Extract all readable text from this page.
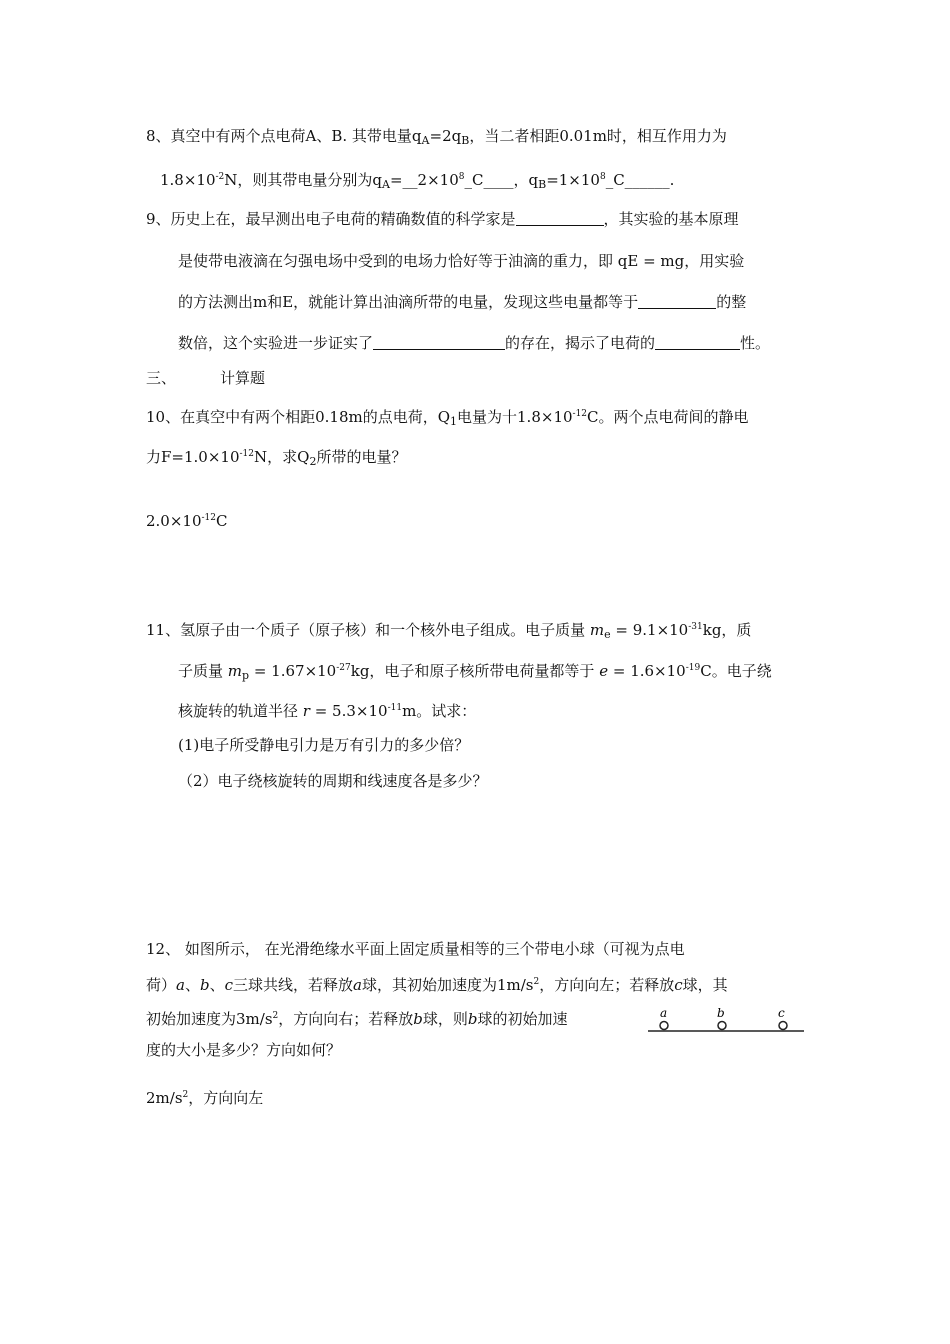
8、真空中有两个点电荷A、B. 其带电量$q_A=2q_B$，当二者相距0.01m时，相互作用力为
$1.8\times 10^{-2}N$，则其带电量分别为$q_A=\_\_2\times 10^8\_C\_\_\_\_$，$q_B=1\times 10^8\_C\_\_\_\_\_\_$.
9、历史上在，最早测出电子电荷的精确数值的科学家是	，其实验的基本原理
是使带电液滴在匀强电场中受到的电场力恰好等于油滴的重力，即 qE = mg，用实验
的方法测出m和E，就能计算出油滴所带的电量，发现这些电量都等于	的整
数倍，这个实验进一步证实了	的存在，揭示了电荷的	性。
三、	计算题
10、在真空中有两个相距0.18m的点电荷，$Q_1$电量为十$1.8\times 10^{-12}C$。两个点电荷间的静电
力$F=1.0\times 10^{-12}N$，求$Q_2$所带的电量？
$2.0\times 10^{-12}C$
11、氢原子由一个质子（原子核）和一个核外电子组成。电子质量 $m_e = 9.1\times 10^{-31}kg$，质
子质量 $m_p = 1.67\times 10^{-27}kg$，电子和原子核所带电荷量都等于 $e = 1.6\times 10^{-19}C$。电子绕
核旋转的轨道半径 $r = 5.3\times 10^{-11}m$。试求：
(1)电子所受静电引力是万有引力的多少倍？
（2）电子绕核旋转的周期和线速度各是多少？
12、 如图所示， 在光滑绝缘水平面上固定质量相等的三个带电小球（可视为点电
荷）a、b、c三球共线，若释放a球，其初始加速度为$1m/s^2$，方向向左；若释放c球，其
初始加速度为$3m/s^2$，方向向右；若释放b球，则b球的初始加速
度的大小是多少？方向如何？
a	b	c
$2m/s^2$，方向向左
